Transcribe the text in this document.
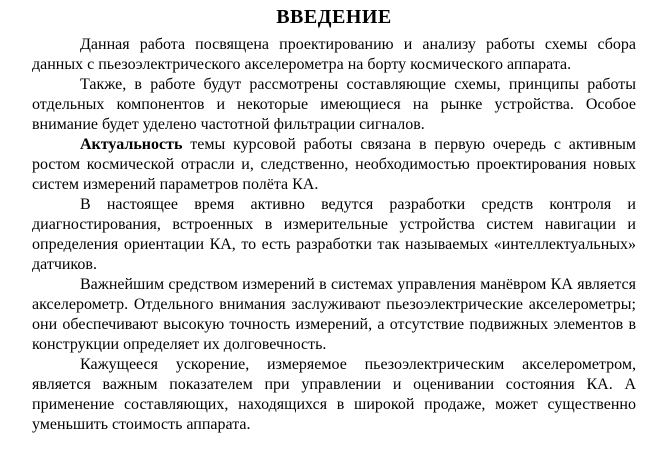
ВВЕДЕНИЕ

Данная работа посвящена проектированию и анализу работы схемы сбора данных с пьезоэлектрического акселерометра на борту космического аппарата.

Также, в работе будут рассмотрены составляющие схемы, принципы работы отдельных компонентов и некоторые имеющиеся на рынке устройства. Особое внимание будет уделено частотной фильтрации сигналов.

Актуальность темы курсовой работы связана в первую очередь с активным ростом космической отрасли и, следственно, необходимостью проектирования новых систем измерений параметров полёта КА.

В настоящее время активно ведутся разработки средств контроля и диагностирования, встроенных в измерительные устройства систем навигации и определения ориентации КА, то есть разработки так называемых «интеллектуальных» датчиков.

Важнейшим средством измерений в системах управления манёвром КА является акселерометр. Отдельного внимания заслуживают пьезоэлектрические акселерометры; они обеспечивают высокую точность измерений, а отсутствие подвижных элементов в конструкции определяет их долговечность.

Кажущееся ускорение, измеряемое пьезоэлектрическим акселерометром, является важным показателем при управлении и оценивании состояния КА. А применение составляющих, находящихся в широкой продаже, может существенно уменьшить стоимость аппарата.
